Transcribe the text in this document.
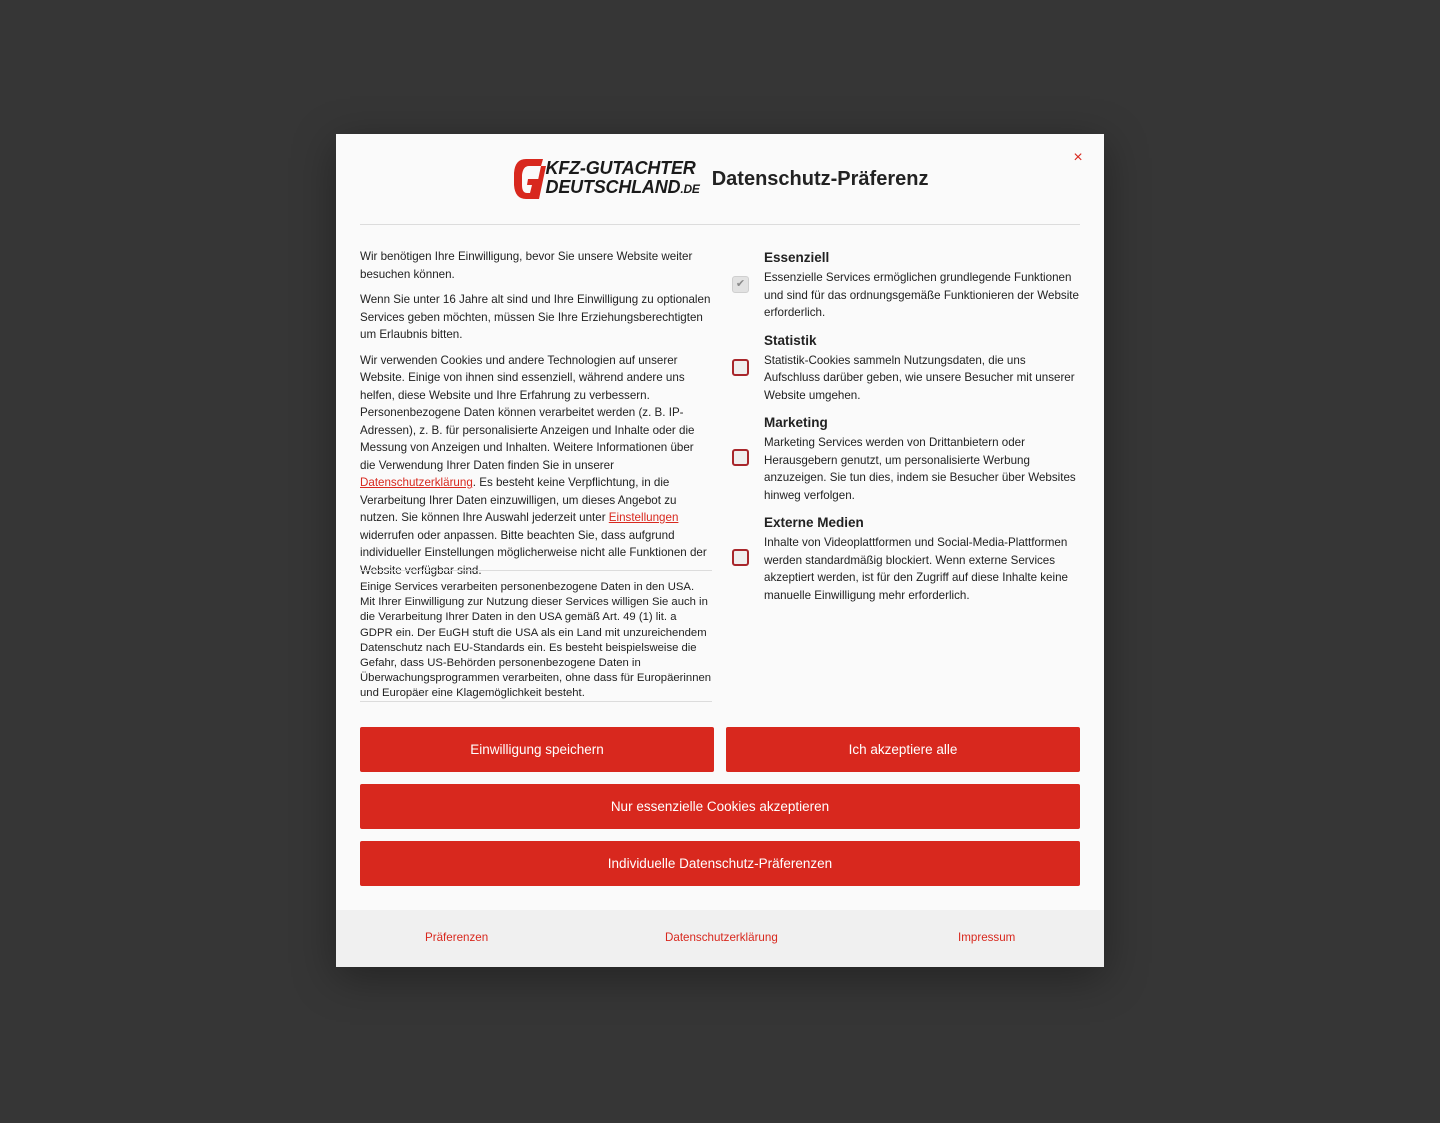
×
KFZ-GUTACHTER
DEUTSCHLAND.DE Datenschutz-Präferenz

Wir benötigen Ihre Einwilligung, bevor Sie unsere Website weiter besuchen können.

Wenn Sie unter 16 Jahre alt sind und Ihre Einwilligung zu optionalen Services geben möchten, müssen Sie Ihre Erziehungsberechtigten um Erlaubnis bitten.

Wir verwenden Cookies und andere Technologien auf unserer Website. Einige von ihnen sind essenziell, während andere uns helfen, diese Website und Ihre Erfahrung zu verbessern. Personenbezogene Daten können verarbeitet werden (z. B. IP-Adressen), z. B. für personalisierte Anzeigen und Inhalte oder die Messung von Anzeigen und Inhalten. Weitere Informationen über die Verwendung Ihrer Daten finden Sie in unserer Datenschutzerklärung. Es besteht keine Verpflichtung, in die Verarbeitung Ihrer Daten einzuwilligen, um dieses Angebot zu nutzen. Sie können Ihre Auswahl jederzeit unter Einstellungen widerrufen oder anpassen. Bitte beachten Sie, dass aufgrund individueller Einstellungen möglicherweise nicht alle Funktionen der Website verfügbar sind.

Einige Services verarbeiten personenbezogene Daten in den USA. Mit Ihrer Einwilligung zur Nutzung dieser Services willigen Sie auch in die Verarbeitung Ihrer Daten in den USA gemäß Art. 49 (1) lit. a GDPR ein. Der EuGH stuft die USA als ein Land mit unzureichendem Datenschutz nach EU-Standards ein. Es besteht beispielsweise die Gefahr, dass US-Behörden personenbezogene Daten in Überwachungsprogrammen verarbeiten, ohne dass für Europäerinnen und Europäer eine Klagemöglichkeit besteht.
✔
Essenziell

Essenzielle Services ermöglichen grundlegende Funktionen und sind für das ordnungsgemäße Funktionieren der Website erforderlich.

Statistik

Statistik-Cookies sammeln Nutzungsdaten, die uns Aufschluss darüber geben, wie unsere Besucher mit unserer Website umgehen.

Marketing

Marketing Services werden von Drittanbietern oder Herausgebern genutzt, um personalisierte Werbung anzuzeigen. Sie tun dies, indem sie Besucher über Websites hinweg verfolgen.

Externe Medien

Inhalte von Videoplattformen und Social-Media-Plattformen werden standardmäßig blockiert. Wenn externe Services akzeptiert werden, ist für den Zugriff auf diese Inhalte keine manuelle Einwilligung mehr erforderlich.

Einwilligung speichern	Ich akzeptiere alle
Nur essenzielle Cookies akzeptieren
Individuelle Datenschutz-Präferenzen
Präferenzen	Datenschutzerklärung	Impressum
